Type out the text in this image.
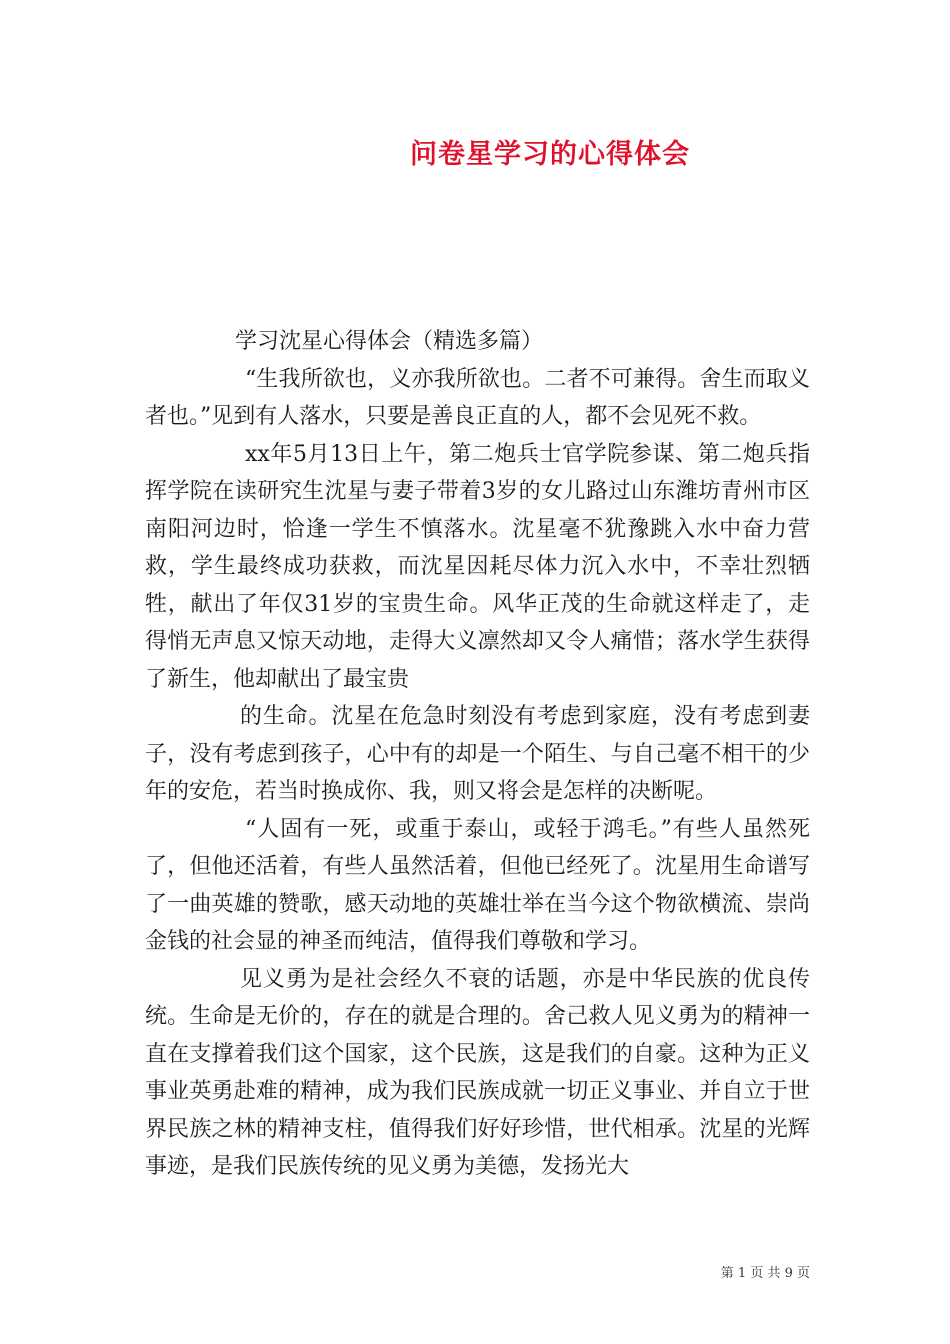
问卷星学习的心得体会

学习沈星心得体会（精选多篇）

“生我所欲也，义亦我所欲也。二者不可兼得。舍生而取义者也。”见到有人落水，只要是善良正直的人，都不会见死不救。

xx年5月13日上午，第二炮兵士官学院参谋、第二炮兵指挥学院在读研究生沈星与妻子带着3岁的女儿路过山东潍坊青州市区南阳河边时，恰逢一学生不慎落水。沈星毫不犹豫跳入水中奋力营救，学生最终成功获救，而沈星因耗尽体力沉入水中，不幸壮烈牺牲，献出了年仅31岁的宝贵生命。风华正茂的生命就这样走了，走得悄无声息又惊天动地，走得大义凛然却又令人痛惜；落水学生获得了新生，他却献出了最宝贵

的生命。沈星在危急时刻没有考虑到家庭，没有考虑到妻子，没有考虑到孩子，心中有的却是一个陌生、与自己毫不相干的少年的安危，若当时换成你、我，则又将会是怎样的决断呢。

“人固有一死，或重于泰山，或轻于鸿毛。”有些人虽然死了，但他还活着，有些人虽然活着，但他已经死了。沈星用生命谱写了一曲英雄的赞歌，感天动地的英雄壮举在当今这个物欲横流、崇尚金钱的社会显的神圣而纯洁，值得我们尊敬和学习。

见义勇为是社会经久不衰的话题，亦是中华民族的优良传统。生命是无价的，存在的就是合理的。舍己救人见义勇为的精神一直在支撑着我们这个国家，这个民族，这是我们的自豪。这种为正义事业英勇赴难的精神，成为我们民族成就一切正义事业、并自立于世界民族之林的精神支柱，值得我们好好珍惜，世代相承。沈星的光辉事迹，是我们民族传统的见义勇为美德，发扬光大

第 1 页 共 9 页
